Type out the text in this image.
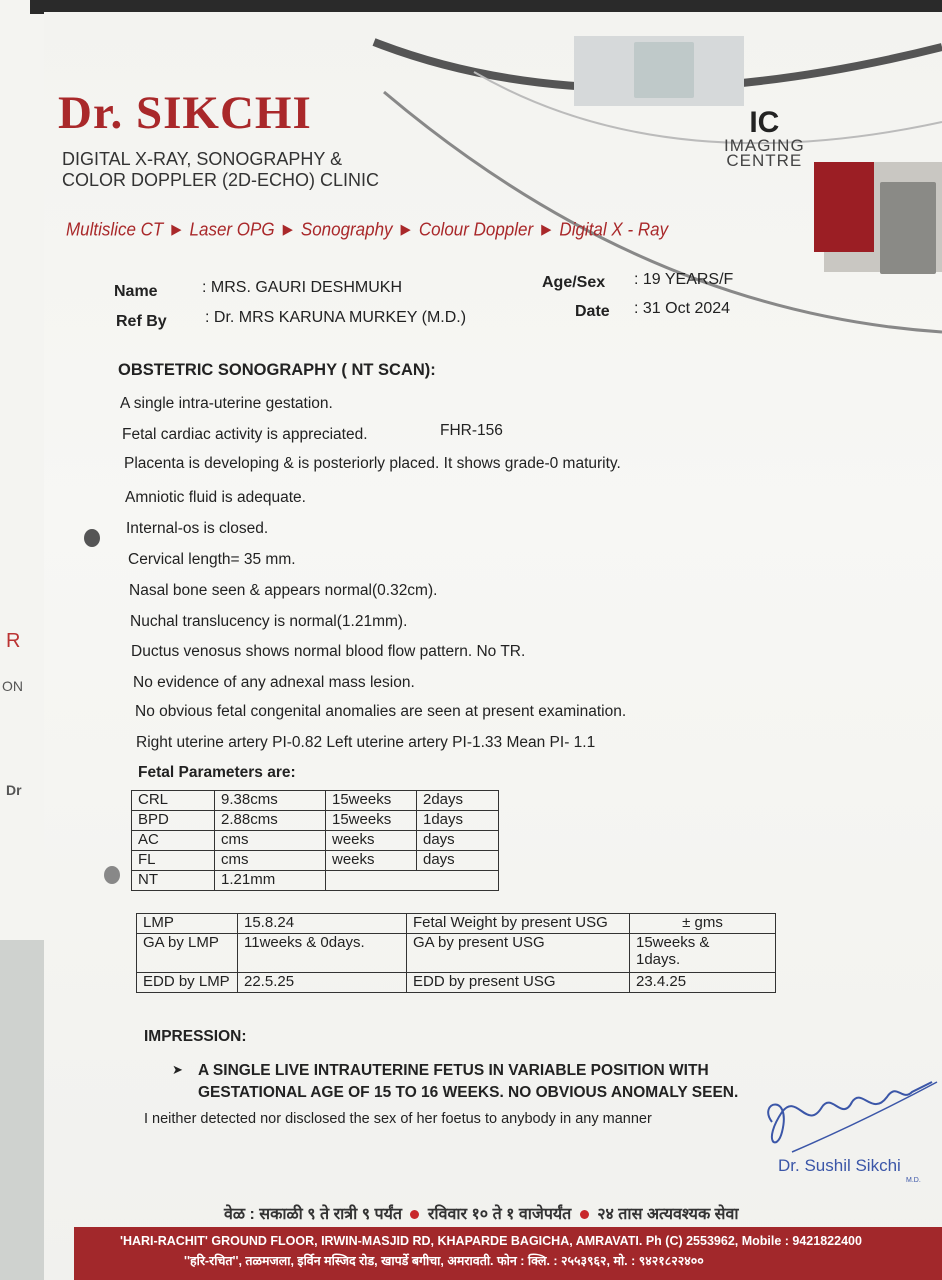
R
ON
Dr
Dr. SIKCHI
DIGITAL X-RAY, SONOGRAPHY &
COLOR DOPPLER (2D-ECHO) CLINIC
Multislice CT ► Laser OPG ► Sonography ► Colour Doppler ► Digital X - Ray
IC
IMAGING
CENTRE
Name	: MRS. GAURI DESHMUKH
Ref By : Dr. MRS KARUNA MURKEY (M.D.)
Age/Sex : 19 YEARS/F
Date : 31 Oct 2024
OBSTETRIC SONOGRAPHY ( NT SCAN):
A single intra-uterine gestation.
Fetal cardiac activity is appreciated.	FHR-156
Placenta is developing & is posteriorly placed. It shows grade-0 maturity.
Amniotic fluid is adequate.
Internal-os is closed.
Cervical length= 35 mm.
Nasal bone seen & appears normal(0.32cm).
Nuchal translucency is normal(1.21mm).
Ductus venosus shows normal blood flow pattern. No TR.
No evidence of any adnexal mass lesion.
No obvious fetal congenital anomalies are seen at present examination.
Right uterine artery PI-0.82 Left uterine artery PI-1.33 Mean PI- 1.1
Fetal Parameters are:
CRL	9.38cms	15weeks	2days
BPD	2.88cms	15weeks	1days
AC	cms	weeks	days
FL	cms	weeks	days
NT	1.21mm		
LMP	15.8.24	Fetal Weight by present USG	± gms
GA by LMP	11weeks & 0days.	GA by present USG	15weeks &
1days.

EDD by LMP	22.5.25	EDD by present USG	23.4.25
IMPRESSION:
➤ A SINGLE LIVE INTRAUTERINE FETUS IN VARIABLE POSITION WITH
GESTATIONAL AGE OF 15 TO 16 WEEKS. NO OBVIOUS ANOMALY SEEN.
I neither detected nor disclosed the sex of her foetus to anybody in any manner
Dr. Sushil Sikchi
M.D.
वेळ : सकाळी ९ ते रात्री ९ पर्यंत रविवार १० ते १ वाजेपर्यंत २४ तास अत्यवश्यक सेवा
'HARI-RACHIT' GROUND FLOOR, IRWIN-MASJID RD, KHAPARDE BAGICHA, AMRAVATI. Ph (C) 2553962, Mobile : 9421822400
''हरि-रचित'', तळमजला, इर्विन मस्जिद रोड, खापर्डे बगीचा, अमरावती. फोन : क्लि. : २५५३९६२, मो. : ९४२१८२२४००
